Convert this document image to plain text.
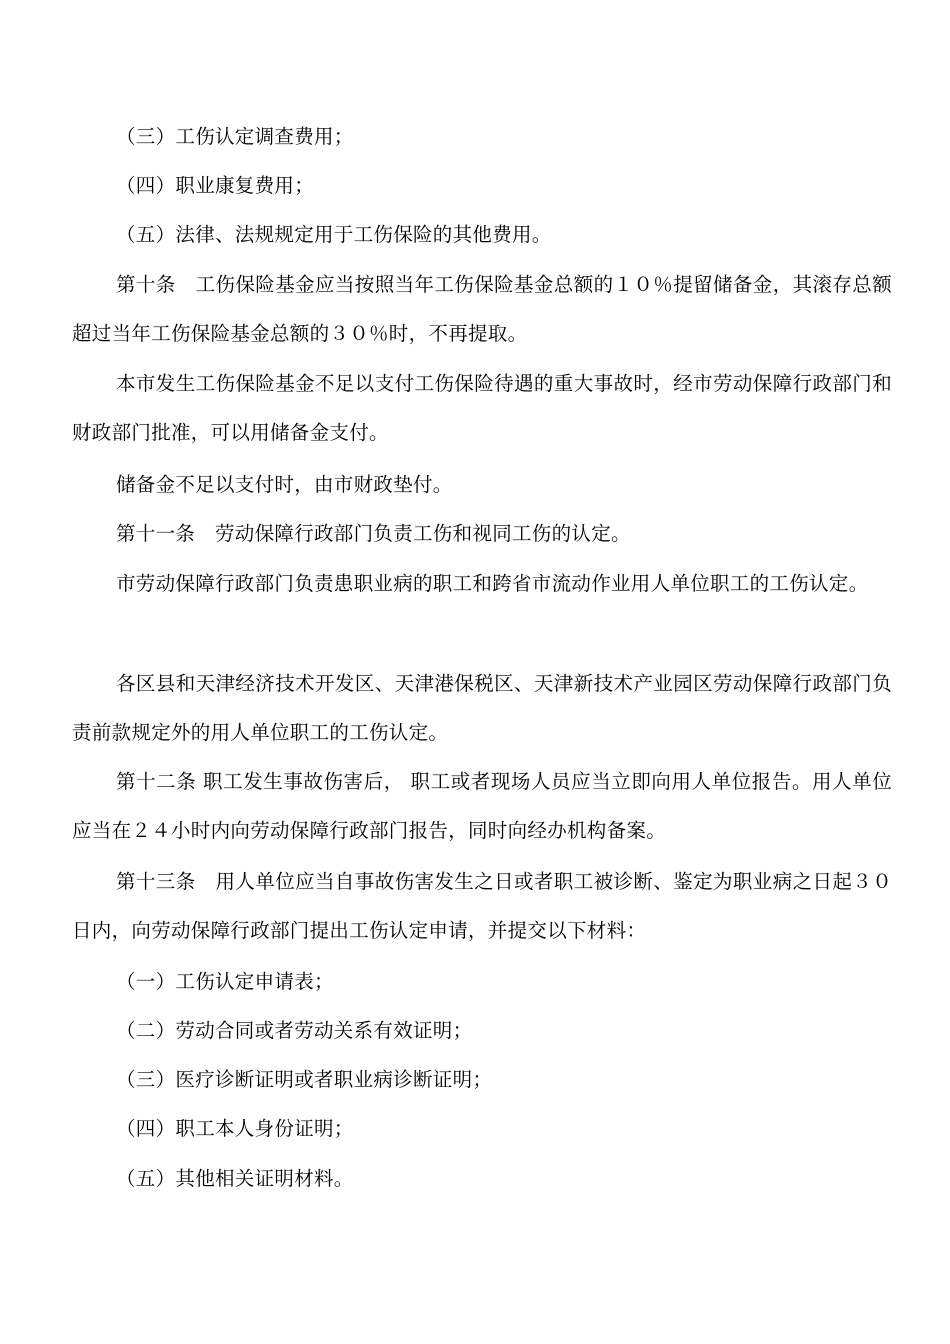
（三）工伤认定调查费用；

（四）职业康复费用；

（五）法律、法规规定用于工伤保险的其他费用。

第十条　工伤保险基金应当按照当年工伤保险基金总额的１０％提留储备金，其滚存总额超过当年工伤保险基金总额的３０％时，不再提取。

本市发生工伤保险基金不足以支付工伤保险待遇的重大事故时，经市劳动保障行政部门和财政部门批准，可以用储备金支付。

储备金不足以支付时，由市财政垫付。

第十一条　劳动保障行政部门负责工伤和视同工伤的认定。

市劳动保障行政部门负责患职业病的职工和跨省市流动作业用人单位职工的工伤认定。

各区县和天津经济技术开发区、天津港保税区、天津新技术产业园区劳动保障行政部门负责前款规定外的用人单位职工的工伤认定。

第十二条 职工发生事故伤害后， 职工或者现场人员应当立即向用人单位报告。用人单位应当在２４小时内向劳动保障行政部门报告，同时向经办机构备案。

第十三条　用人单位应当自事故伤害发生之日或者职工被诊断、鉴定为职业病之日起３０日内，向劳动保障行政部门提出工伤认定申请，并提交以下材料：

（一）工伤认定申请表；

（二）劳动合同或者劳动关系有效证明；

（三）医疗诊断证明或者职业病诊断证明；

（四）职工本人身份证明；

（五）其他相关证明材料。
